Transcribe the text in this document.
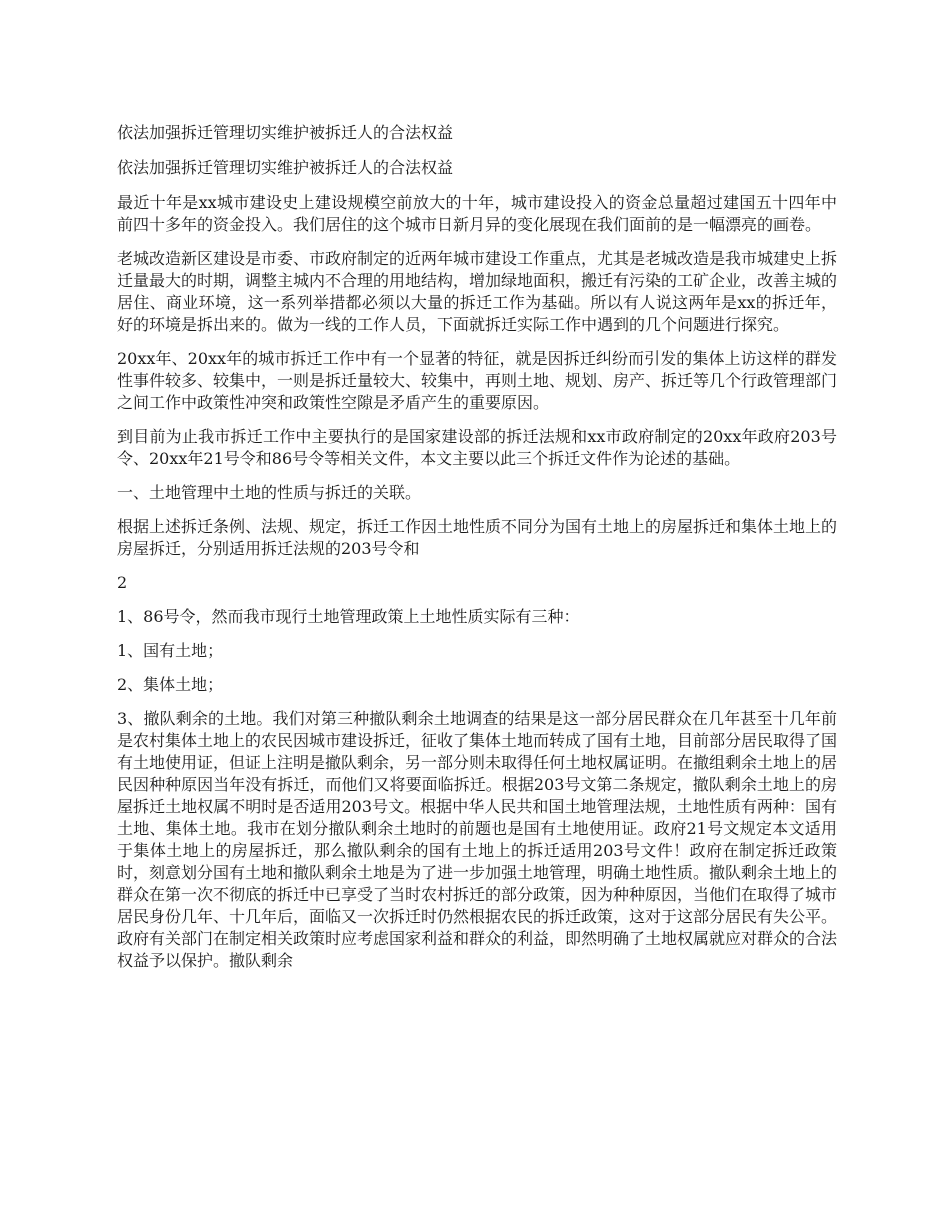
依法加强拆迁管理切实维护被拆迁人的合法权益

依法加强拆迁管理切实维护被拆迁人的合法权益

最近十年是xx城市建设史上建设规模空前放大的十年，城市建设投入的资金总量超过建国五十四年中前四十多年的资金投入。我们居住的这个城市日新月异的变化展现在我们面前的是一幅漂亮的画卷。

老城改造新区建设是市委、市政府制定的近两年城市建设工作重点，尤其是老城改造是我市城建史上拆迁量最大的时期，调整主城内不合理的用地结构，增加绿地面积，搬迁有污染的工矿企业，改善主城的居住、商业环境，这一系列举措都必须以大量的拆迁工作为基础。所以有人说这两年是xx的拆迁年，好的环境是拆出来的。做为一线的工作人员，下面就拆迁实际工作中遇到的几个问题进行探究。

20xx年、20xx年的城市拆迁工作中有一个显著的特征，就是因拆迁纠纷而引发的集体上访这样的群发性事件较多、较集中，一则是拆迁量较大、较集中，再则土地、规划、房产、拆迁等几个行政管理部门之间工作中政策性冲突和政策性空隙是矛盾产生的重要原因。

到目前为止我市拆迁工作中主要执行的是国家建设部的拆迁法规和xx市政府制定的20xx年政府203号令、20xx年21号令和86号令等相关文件，本文主要以此三个拆迁文件作为论述的基础。

一、土地管理中土地的性质与拆迁的关联。

根据上述拆迁条例、法规、规定，拆迁工作因土地性质不同分为国有土地上的房屋拆迁和集体土地上的房屋拆迁，分别适用拆迁法规的203号令和

2

1、86号令，然而我市现行土地管理政策上土地性质实际有三种：

1、国有土地；

2、集体土地；

3、撤队剩余的土地。我们对第三种撤队剩余土地调查的结果是这一部分居民群众在几年甚至十几年前是农村集体土地上的农民因城市建设拆迁，征收了集体土地而转成了国有土地，目前部分居民取得了国有土地使用证，但证上注明是撤队剩余，另一部分则未取得任何土地权属证明。在撤组剩余土地上的居民因种种原因当年没有拆迁，而他们又将要面临拆迁。根据203号文第二条规定，撤队剩余土地上的房屋拆迁土地权属不明时是否适用203号文。根据中华人民共和国土地管理法规，土地性质有两种：国有土地、集体土地。我市在划分撤队剩余土地时的前题也是国有土地使用证。政府21号文规定本文适用于集体土地上的房屋拆迁，那么撤队剩余的国有土地上的拆迁适用203号文件！政府在制定拆迁政策时，刻意划分国有土地和撤队剩余土地是为了进一步加强土地管理，明确土地性质。撤队剩余土地上的群众在第一次不彻底的拆迁中已享受了当时农村拆迁的部分政策，因为种种原因，当他们在取得了城市居民身份几年、十几年后，面临又一次拆迁时仍然根据农民的拆迁政策，这对于这部分居民有失公平。政府有关部门在制定相关政策时应考虑国家利益和群众的利益，即然明确了土地权属就应对群众的合法权益予以保护。撤队剩余
